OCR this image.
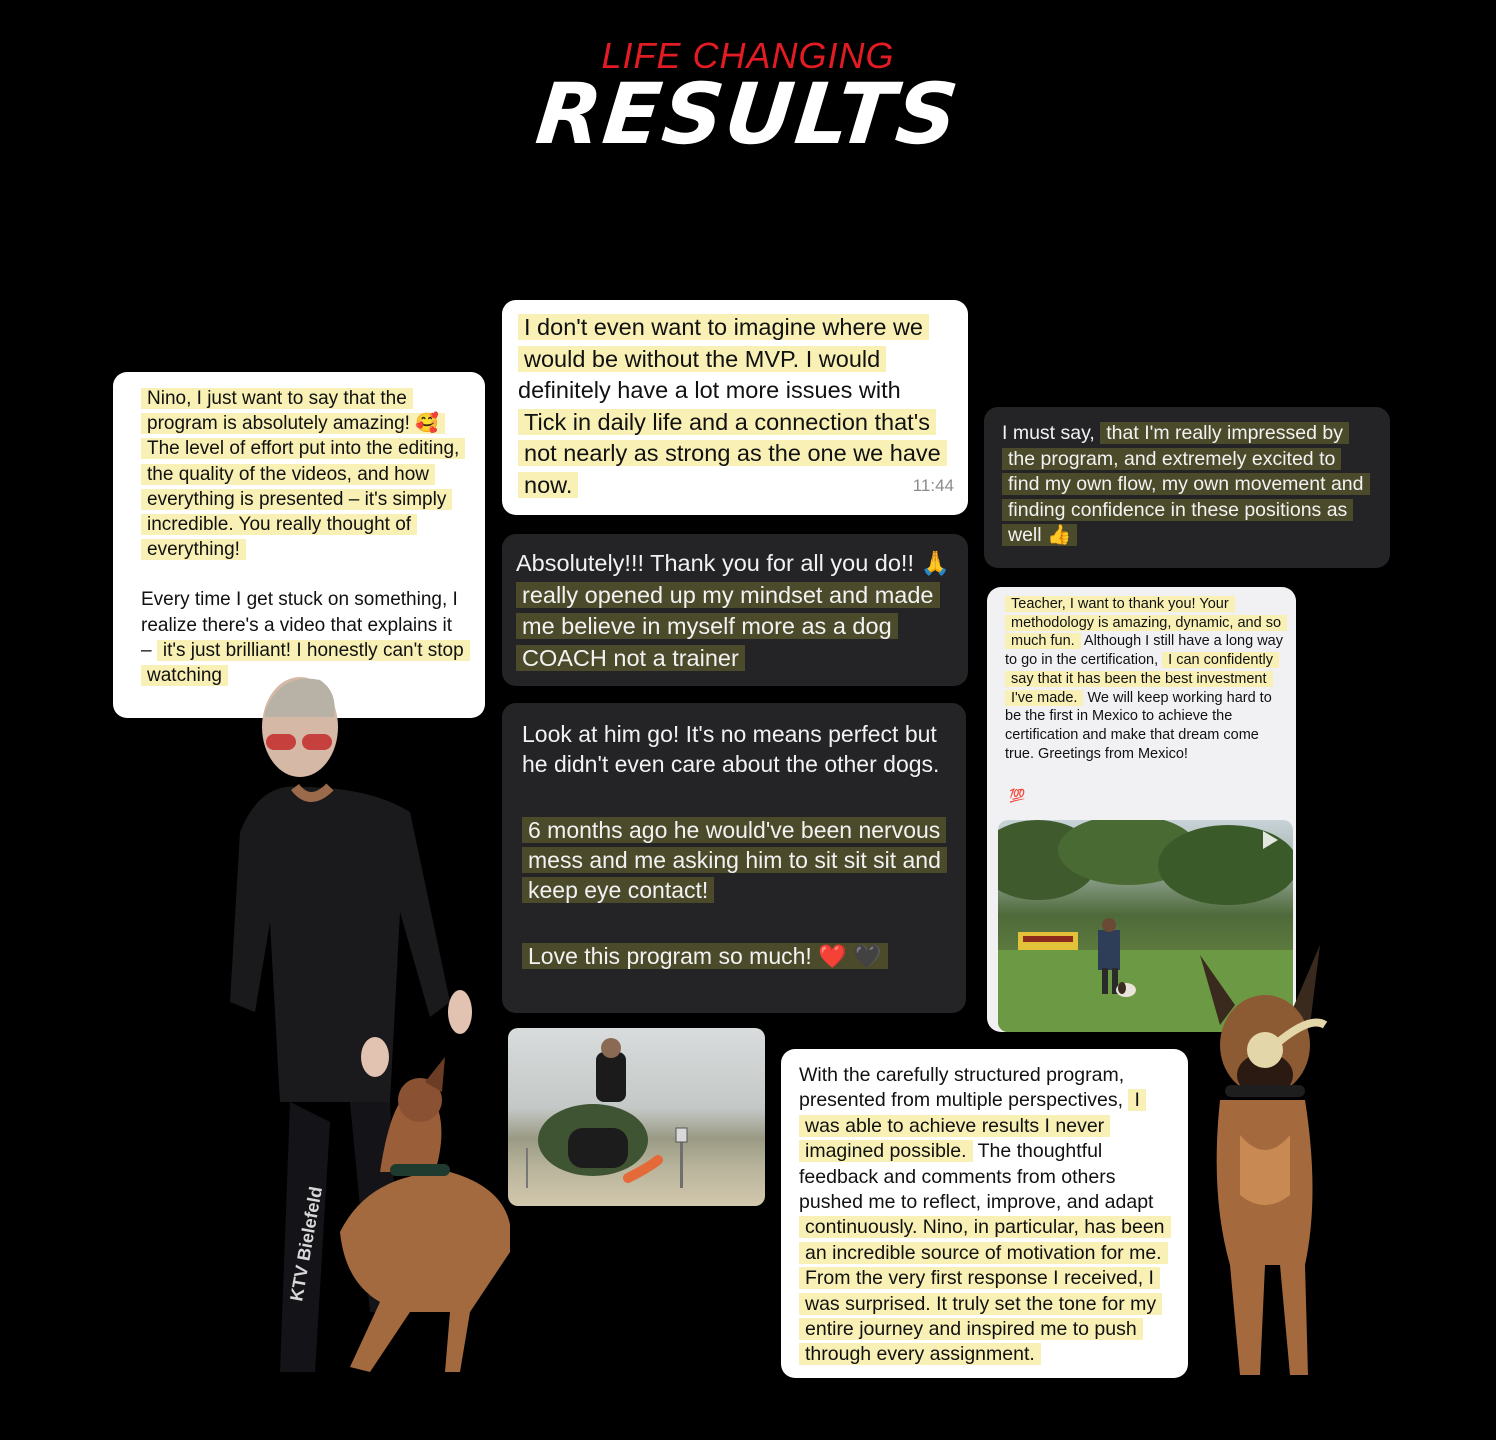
LIFE CHANGING
RESULTS

Nino, I just want to say that the program is absolutely amazing! 🥰 The level of effort put into the editing, the quality of the videos, and how everything is presented – it's simply incredible. You really thought of everything!

Every time I get stuck on something, I realize there's a video that explains it – it's just brilliant! I honestly can't stop watching

I don't even want to imagine where we would be without the MVP. I would definitely have a lot more issues with Tick in daily life and a connection that's not nearly as strong as the one we have now.	11:44

Absolutely!!! Thank you for all you do!! 🙏 really opened up my mindset and made me believe in myself more as a dog COACH not a trainer

Look at him go! It's no means perfect but he didn't even care about the other dogs.

6 months ago he would've been nervous mess and me asking him to sit sit sit and keep eye contact!

Love this program so much! ❤️ 🖤

I must say, that I'm really impressed by the program, and extremely excited to find my own flow, my own movement and finding confidence in these positions as well 👍

Teacher, I want to thank you! Your methodology is amazing, dynamic, and so much fun. Although I still have a long way to go in the certification, I can confidently say that it has been the best investment I've made. We will keep working hard to be the first in Mexico to achieve the certification and make that dream come true. Greetings from Mexico!

💯

With the carefully structured program, presented from multiple perspectives, I was able to achieve results I never imagined possible. The thoughtful feedback and comments from others pushed me to reflect, improve, and adapt continuously. Nino, in particular, has been an incredible source of motivation for me. From the very first response I received, I was surprised. It truly set the tone for my entire journey and inspired me to push through every assignment.

KTV Bielefeld
